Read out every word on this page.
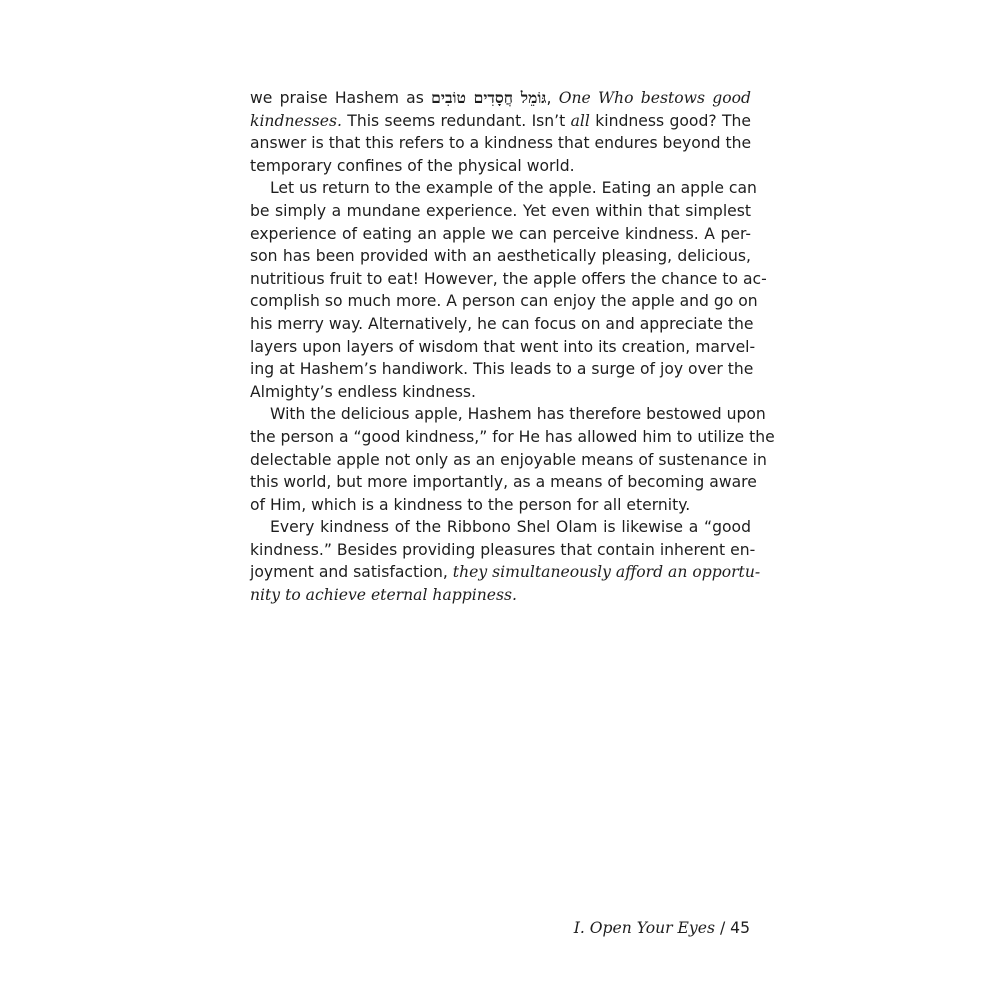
we praise Hashem as גּוֹמֵל חֲסָדִים טוֹבִים, One Who bestows good
kindnesses. This seems redundant. Isn’t all kindness good? The
answer is that this refers to a kindness that endures beyond the
temporary confines of the physical world.
Let us return to the example of the apple. Eating an apple can
be simply a mundane experience. Yet even within that simplest
experience of eating an apple we can perceive kindness. A per-
son has been provided with an aesthetically pleasing, delicious,
nutritious fruit to eat! However, the apple offers the chance to ac-
complish so much more. A person can enjoy the apple and go on
his merry way. Alternatively, he can focus on and appreciate the
layers upon layers of wisdom that went into its creation, marvel-
ing at Hashem’s handiwork. This leads to a surge of joy over the
Almighty’s endless kindness.
With the delicious apple, Hashem has therefore bestowed upon
the person a “good kindness,” for He has allowed him to utilize the
delectable apple not only as an enjoyable means of sustenance in
this world, but more importantly, as a means of becoming aware
of Him, which is a kindness to the person for all eternity.
Every kindness of the Ribbono Shel Olam is likewise a “good
kindness.” Besides providing pleasures that contain inherent en-
joyment and satisfaction, they simultaneously afford an opportu-
nity to achieve eternal happiness.
I. Open Your Eyes / 45
